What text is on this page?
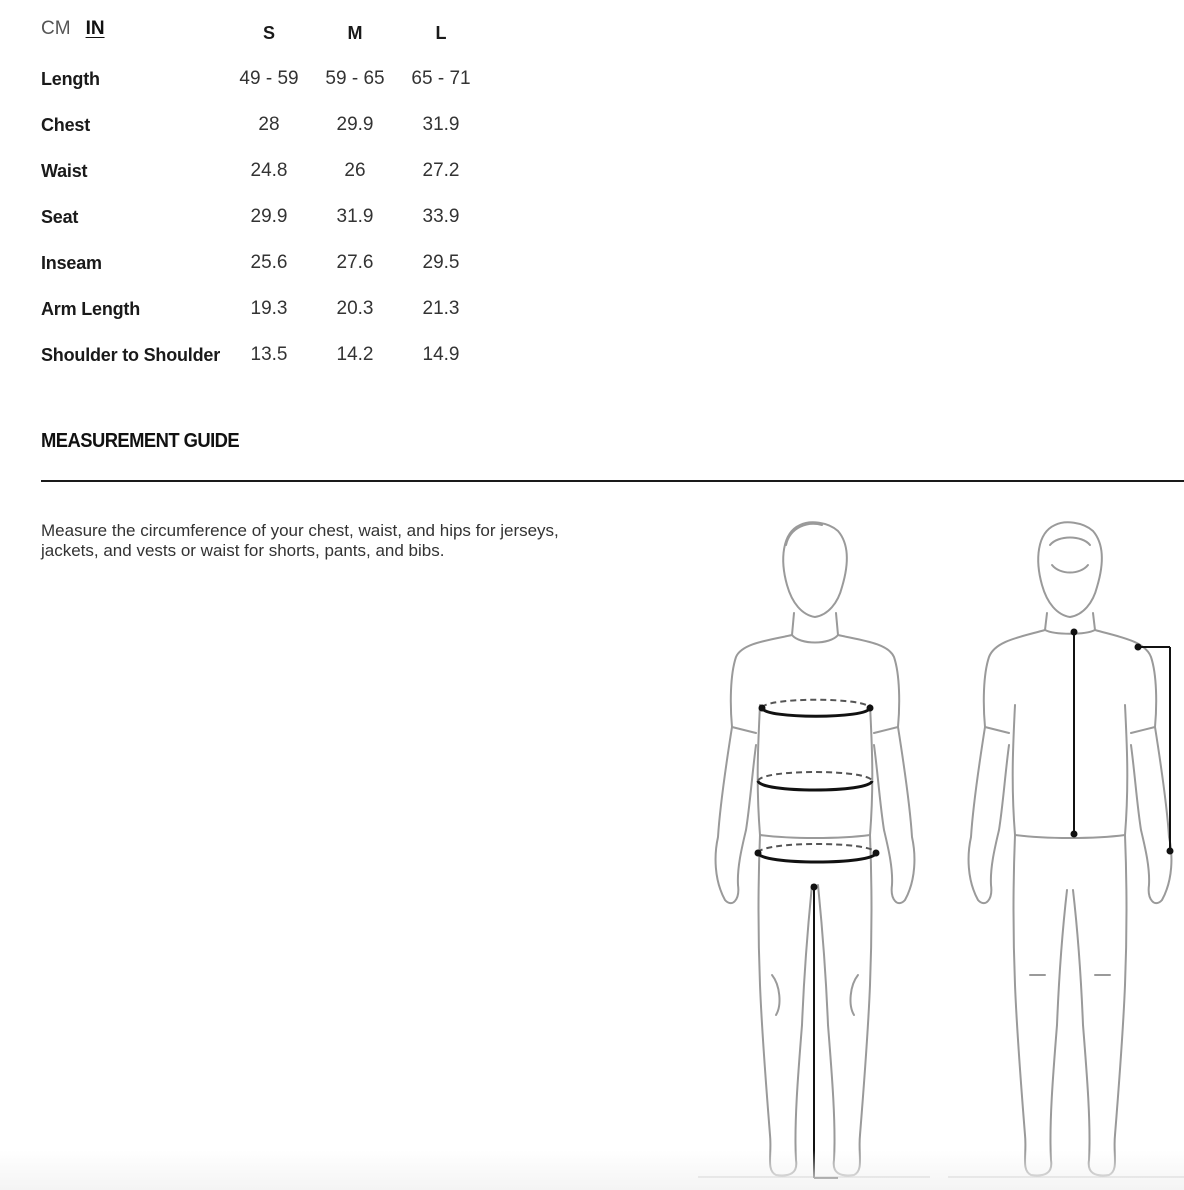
CM IN
		S	M	L
Length	49 - 59	59 - 65	65 - 71
Chest	28	29.9	31.9
Waist	24.8	26	27.2
Seat	29.9	31.9	33.9
Inseam	25.6	27.6	29.5
Arm Length	19.3	20.3	21.3
Shoulder to Shoulder	13.5	14.2	14.9
MEASUREMENT GUIDE

Measure the circumference of your chest, waist, and hips for jerseys, jackets, and vests or waist for shorts, pants, and bibs.
